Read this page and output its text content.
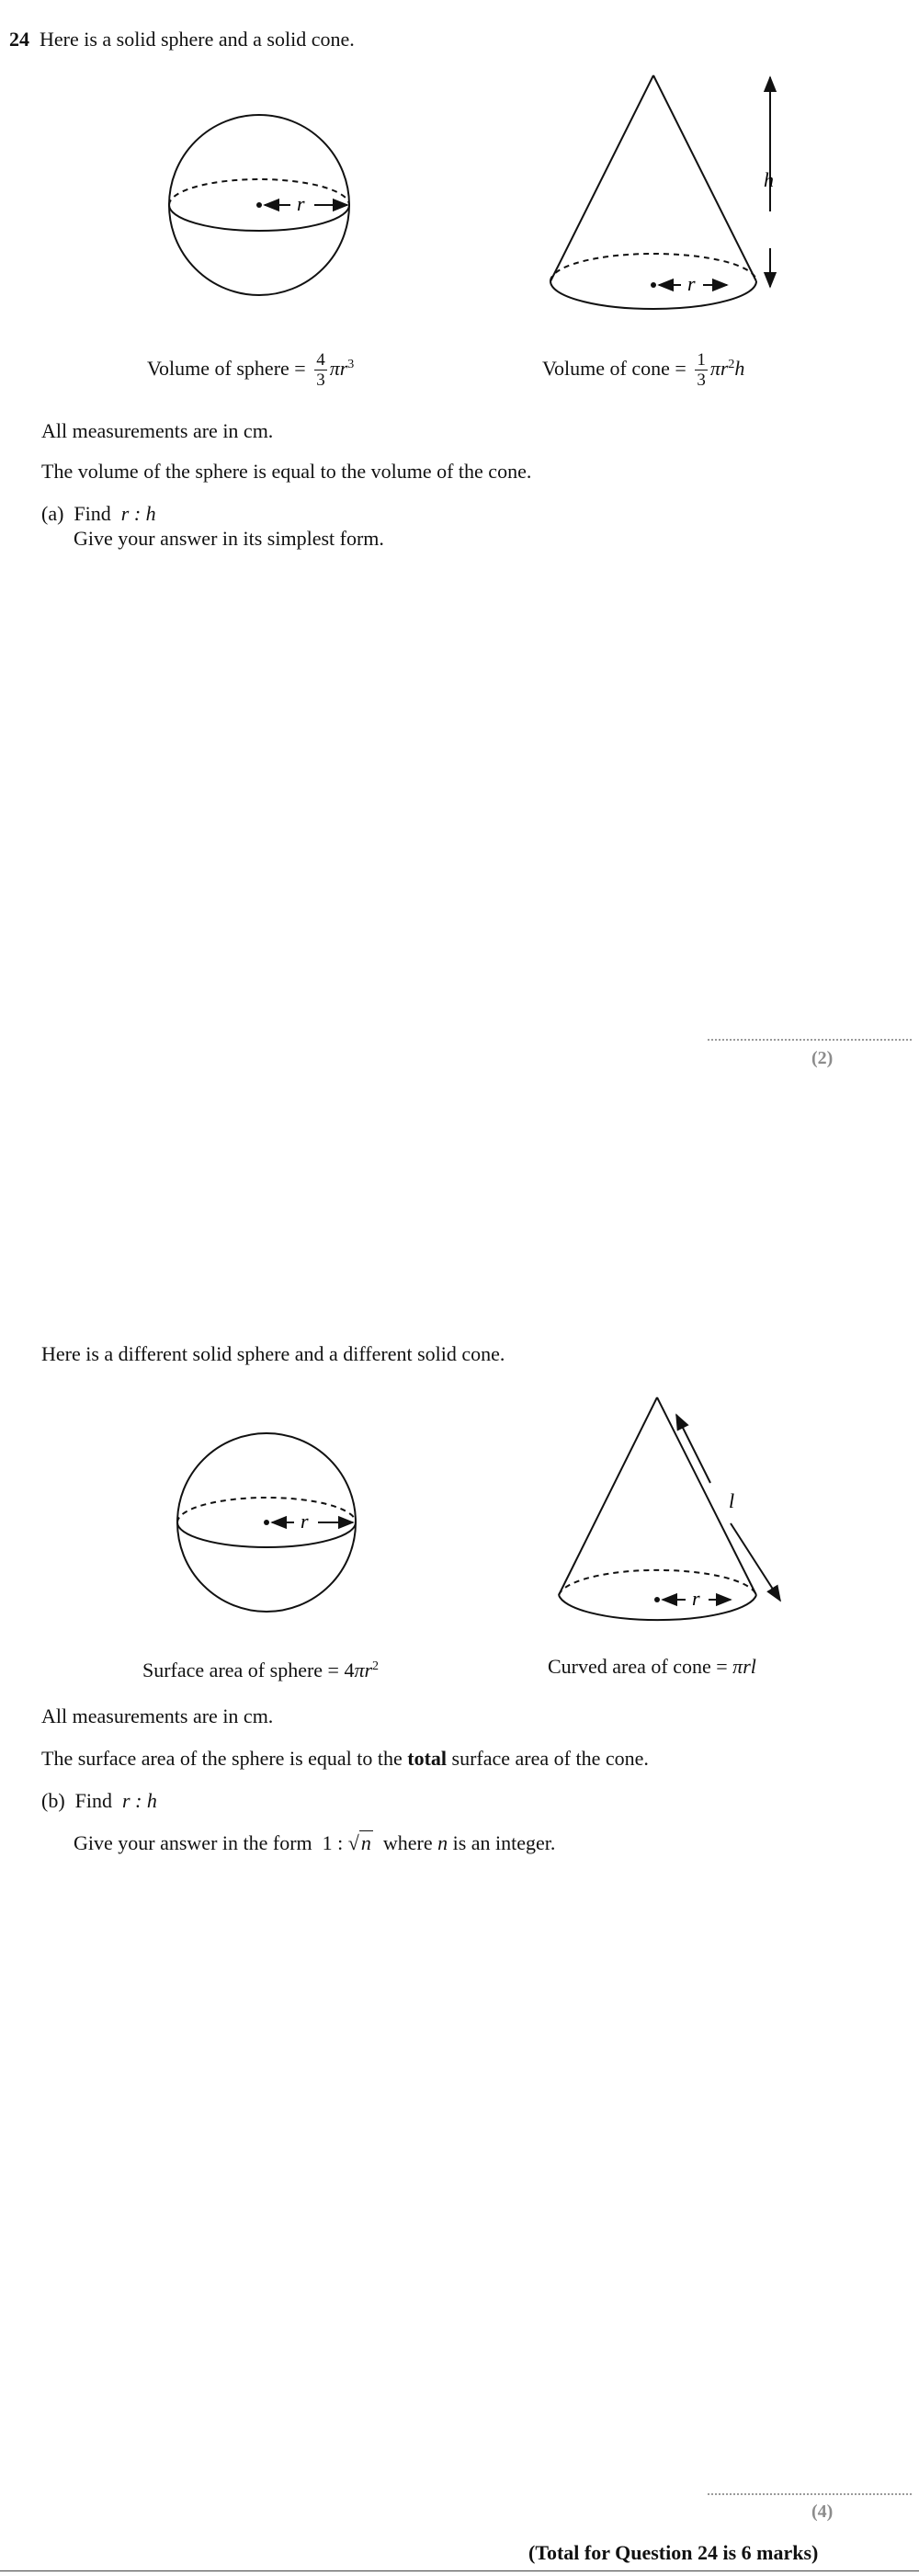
24 Here is a solid sphere and a solid cone.
r
r
h
Volume of sphere = $\frac{4}{3} \pi r^3$	Volume of cone = $\frac{1}{3} \pi r^2h$
All measurements are in cm.
The volume of the sphere is equal to the volume of the cone.
(a) Find r : h
Give your answer in its simplest form.
(2)
Here is a different solid sphere and a different solid cone.
r
r
l
Surface area of sphere = $4\pi r^2$	Curved area of cone = πrl
All measurements are in cm.
The surface area of the sphere is equal to the total surface area of the cone.
(b) Find r : h
Give your answer in the form 1 : √n where n is an integer.
(4)
(Total for Question 24 is 6 marks)
